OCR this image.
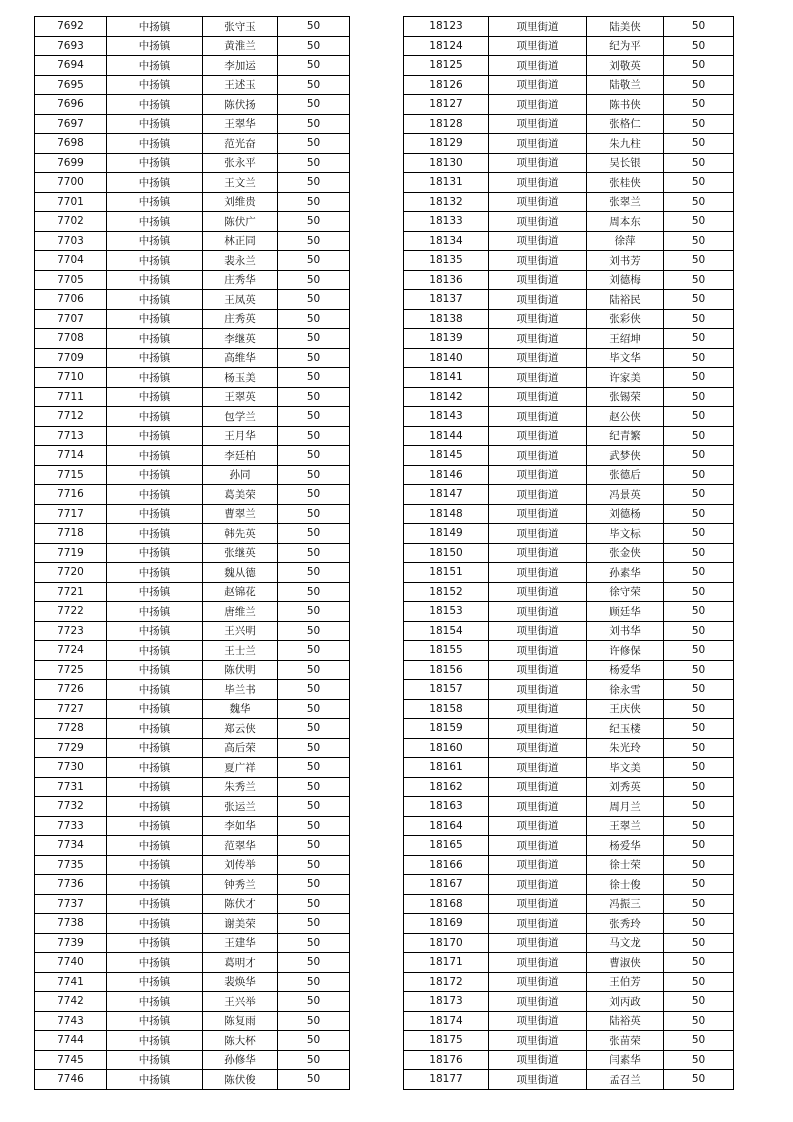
7692	中扬镇	张守玉	50
7693	中扬镇	黄淮兰	50
7694	中扬镇	李加运	50
7695	中扬镇	王述玉	50
7696	中扬镇	陈伏扬	50
7697	中扬镇	王翠华	50
7698	中扬镇	范光奋	50
7699	中扬镇	张永平	50
7700	中扬镇	王文兰	50
7701	中扬镇	刘维贵	50
7702	中扬镇	陈伏广	50
7703	中扬镇	林正同	50
7704	中扬镇	裴永兰	50
7705	中扬镇	庄秀华	50
7706	中扬镇	王凤英	50
7707	中扬镇	庄秀英	50
7708	中扬镇	李继英	50
7709	中扬镇	高维华	50
7710	中扬镇	杨玉美	50
7711	中扬镇	王翠英	50
7712	中扬镇	包学兰	50
7713	中扬镇	王月华	50
7714	中扬镇	李廷柏	50
7715	中扬镇	孙同	50
7716	中扬镇	葛美荣	50
7717	中扬镇	曹翠兰	50
7718	中扬镇	韩先英	50
7719	中扬镇	张继英	50
7720	中扬镇	魏从德	50
7721	中扬镇	赵锦花	50
7722	中扬镇	唐维兰	50
7723	中扬镇	王兴明	50
7724	中扬镇	王士兰	50
7725	中扬镇	陈伏明	50
7726	中扬镇	毕兰书	50
7727	中扬镇	魏华	50
7728	中扬镇	郑云侠	50
7729	中扬镇	高后荣	50
7730	中扬镇	夏广祥	50
7731	中扬镇	朱秀兰	50
7732	中扬镇	张运兰	50
7733	中扬镇	李如华	50
7734	中扬镇	范翠华	50
7735	中扬镇	刘传举	50
7736	中扬镇	钟秀兰	50
7737	中扬镇	陈伏才	50
7738	中扬镇	谢美荣	50
7739	中扬镇	王建华	50
7740	中扬镇	葛明才	50
7741	中扬镇	裴焕华	50
7742	中扬镇	王兴举	50
7743	中扬镇	陈复雨	50
7744	中扬镇	陈大杯	50
7745	中扬镇	孙修华	50
7746	中扬镇	陈伏俊	50
18123	项里街道	陆美侠	50
18124	项里街道	纪为平	50
18125	项里街道	刘敬英	50
18126	项里街道	陆敬兰	50
18127	项里街道	陈书侠	50
18128	项里街道	张格仁	50
18129	项里街道	朱九柱	50
18130	项里街道	吴长银	50
18131	项里街道	张桂侠	50
18132	项里街道	张翠兰	50
18133	项里街道	周本东	50
18134	项里街道	徐萍	50
18135	项里街道	刘书芳	50
18136	项里街道	刘德梅	50
18137	项里街道	陆裕民	50
18138	项里街道	张彩侠	50
18139	项里街道	王绍坤	50
18140	项里街道	毕文华	50
18141	项里街道	许家美	50
18142	项里街道	张锡荣	50
18143	项里街道	赵公侠	50
18144	项里街道	纪青繁	50
18145	项里街道	武梦侠	50
18146	项里街道	张德后	50
18147	项里街道	冯景英	50
18148	项里街道	刘德杨	50
18149	项里街道	毕文标	50
18150	项里街道	张金侠	50
18151	项里街道	孙素华	50
18152	项里街道	徐守荣	50
18153	项里街道	顾廷华	50
18154	项里街道	刘书华	50
18155	项里街道	许修保	50
18156	项里街道	杨爱华	50
18157	项里街道	徐永雪	50
18158	项里街道	王庆侠	50
18159	项里街道	纪玉楼	50
18160	项里街道	朱光玲	50
18161	项里街道	毕文美	50
18162	项里街道	刘秀英	50
18163	项里街道	周月兰	50
18164	项里街道	王翠兰	50
18165	项里街道	杨爱华	50
18166	项里街道	徐士荣	50
18167	项里街道	徐士俊	50
18168	项里街道	冯振三	50
18169	项里街道	张秀玲	50
18170	项里街道	马文龙	50
18171	项里街道	曹淑侠	50
18172	项里街道	王伯芳	50
18173	项里街道	刘丙政	50
18174	项里街道	陆裕英	50
18175	项里街道	张苗荣	50
18176	项里街道	闫素华	50
18177	项里街道	孟召兰	50
